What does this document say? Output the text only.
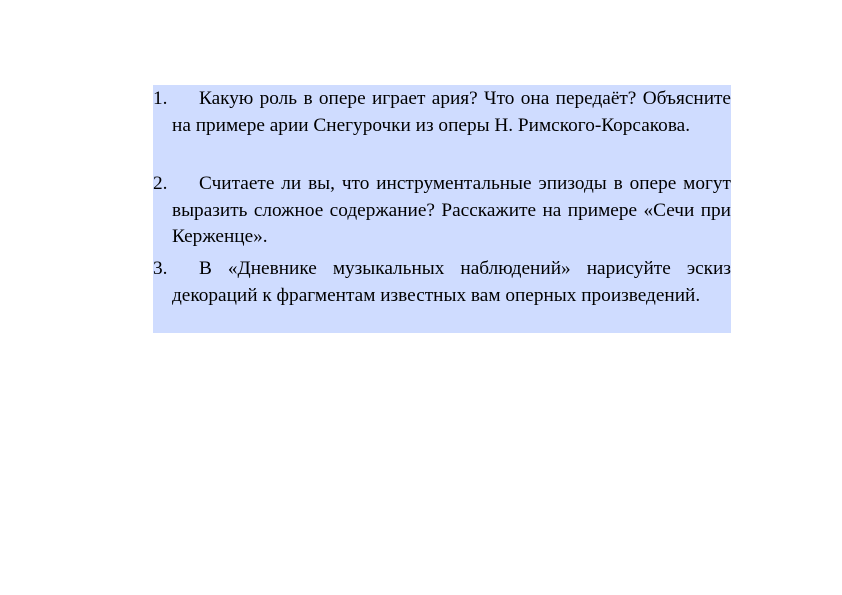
1.	Какую роль в опере играет ария? Что она передаёт? Объясните на примере арии Снегурочки из оперы Н. Римского-Корсакова.
2.	Считаете ли вы, что инструментальные эпизоды в опере могут выразить сложное содержание? Расскажите на примере «Сечи при Керженце».
3.	В «Дневнике музыкальных наблюдений» нарисуйте эскиз декораций к фрагментам известных вам оперных произведений.
